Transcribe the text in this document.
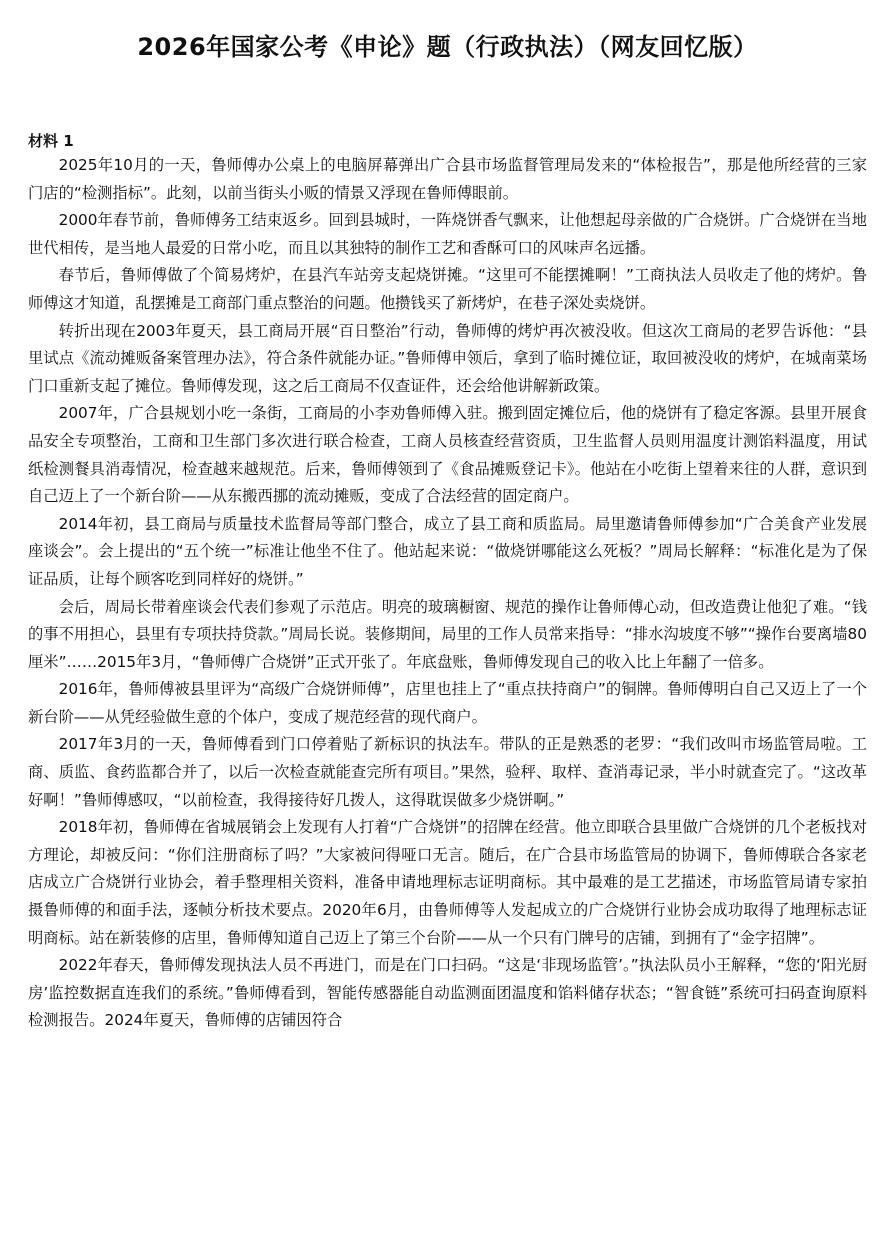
2026年国家公考《申论》题（行政执法）（网友回忆版）
材料 1

2025年10月的一天，鲁师傅办公桌上的电脑屏幕弹出广合县市场监督管理局发来的“体检报告”，那是他所经营的三家门店的“检测指标”。此刻，以前当街头小贩的情景又浮现在鲁师傅眼前。

2000年春节前，鲁师傅务工结束返乡。回到县城时，一阵烧饼香气飘来，让他想起母亲做的广合烧饼。广合烧饼在当地世代相传，是当地人最爱的日常小吃，而且以其独特的制作工艺和香酥可口的风味声名远播。

春节后，鲁师傅做了个简易烤炉，在县汽车站旁支起烧饼摊。“这里可不能摆摊啊！”工商执法人员收走了他的烤炉。鲁师傅这才知道，乱摆摊是工商部门重点整治的问题。他攒钱买了新烤炉，在巷子深处卖烧饼。

转折出现在2003年夏天，县工商局开展“百日整治”行动，鲁师傅的烤炉再次被没收。但这次工商局的老罗告诉他：“县里试点《流动摊贩备案管理办法》，符合条件就能办证。”鲁师傅申领后，拿到了临时摊位证，取回被没收的烤炉，在城南菜场门口重新支起了摊位。鲁师傅发现，这之后工商局不仅查证件，还会给他讲解新政策。

2007年，广合县规划小吃一条街，工商局的小李劝鲁师傅入驻。搬到固定摊位后，他的烧饼有了稳定客源。县里开展食品安全专项整治，工商和卫生部门多次进行联合检查，工商人员核查经营资质，卫生监督人员则用温度计测馅料温度，用试纸检测餐具消毒情况，检查越来越规范。后来，鲁师傅领到了《食品摊贩登记卡》。他站在小吃街上望着来往的人群，意识到自己迈上了一个新台阶——从东搬西挪的流动摊贩，变成了合法经营的固定商户。

2014年初，县工商局与质量技术监督局等部门整合，成立了县工商和质监局。局里邀请鲁师傅参加“广合美食产业发展座谈会”。会上提出的“五个统一”标准让他坐不住了。他站起来说：“做烧饼哪能这么死板？”周局长解释：“标准化是为了保证品质，让每个顾客吃到同样好的烧饼。”

会后，周局长带着座谈会代表们参观了示范店。明亮的玻璃橱窗、规范的操作让鲁师傅心动，但改造费让他犯了难。“钱的事不用担心，县里有专项扶持贷款。”周局长说。装修期间，局里的工作人员常来指导：“排水沟坡度不够”“操作台要离墙80厘米”……2015年3月，“鲁师傅广合烧饼”正式开张了。年底盘账，鲁师傅发现自己的收入比上年翻了一倍多。

2016年，鲁师傅被县里评为“高级广合烧饼师傅”，店里也挂上了“重点扶持商户”的铜牌。鲁师傅明白自己又迈上了一个新台阶——从凭经验做生意的个体户，变成了规范经营的现代商户。

2017年3月的一天，鲁师傅看到门口停着贴了新标识的执法车。带队的正是熟悉的老罗：“我们改叫市场监管局啦。工商、质监、食药监都合并了，以后一次检查就能查完所有项目。”果然，验秤、取样、查消毒记录，半小时就查完了。“这改革好啊！”鲁师傅感叹，“以前检查，我得接待好几拨人，这得耽误做多少烧饼啊。”

2018年初，鲁师傅在省城展销会上发现有人打着“广合烧饼”的招牌在经营。他立即联合县里做广合烧饼的几个老板找对方理论，却被反问：“你们注册商标了吗？”大家被问得哑口无言。随后，在广合县市场监管局的协调下，鲁师傅联合各家老店成立广合烧饼行业协会，着手整理相关资料，准备申请地理标志证明商标。其中最难的是工艺描述，市场监管局请专家拍摄鲁师傅的和面手法，逐帧分析技术要点。2020年6月，由鲁师傅等人发起成立的广合烧饼行业协会成功取得了地理标志证明商标。站在新装修的店里，鲁师傅知道自己迈上了第三个台阶——从一个只有门牌号的店铺，到拥有了“金字招牌”。

2022年春天，鲁师傅发现执法人员不再进门，而是在门口扫码。“这是‘非现场监管’。”执法队员小王解释，“您的‘阳光厨房’监控数据直连我们的系统。”鲁师傅看到，智能传感器能自动监测面团温度和馅料储存状态；“智食链”系统可扫码查询原料检测报告。2024年夏天，鲁师傅的店铺因符合
